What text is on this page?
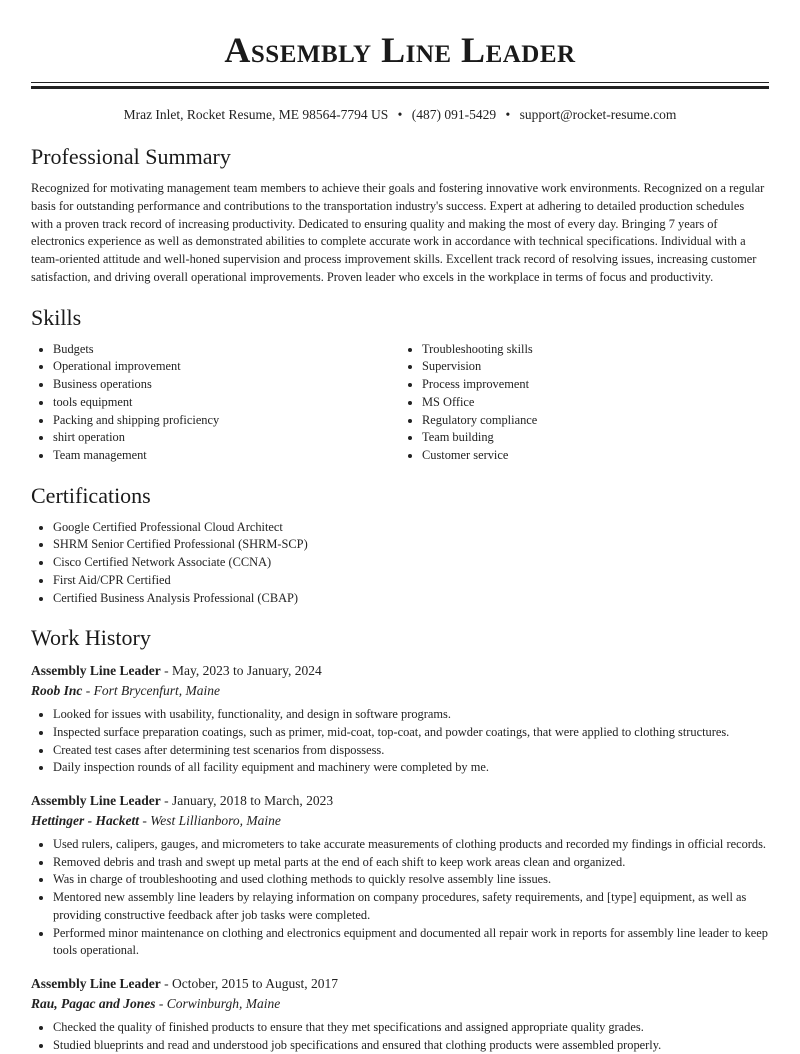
Assembly Line Leader
Mraz Inlet, Rocket Resume, ME 98564-7794 US • (487) 091-5429 • support@rocket-resume.com
Professional Summary

Recognized for motivating management team members to achieve their goals and fostering innovative work environments. Recognized on a regular basis for outstanding performance and contributions to the transportation industry's success. Expert at adhering to detailed production schedules with a proven track record of increasing productivity. Dedicated to ensuring quality and making the most of every day. Bringing 7 years of electronics experience as well as demonstrated abilities to complete accurate work in accordance with technical specifications. Individual with a team-oriented attitude and well-honed supervision and process improvement skills. Excellent track record of resolving issues, increasing customer satisfaction, and driving overall operational improvements. Proven leader who excels in the workplace in terms of focus and productivity.

Skills
• Budgets
• Operational improvement
• Business operations
• tools equipment
• Packing and shipping proficiency
• shirt operation
• Team management
• Troubleshooting skills
• Supervision
• Process improvement
• MS Office
• Regulatory compliance
• Team building
• Customer service
Certifications
• Google Certified Professional Cloud Architect
• SHRM Senior Certified Professional (SHRM-SCP)
• Cisco Certified Network Associate (CCNA)
• First Aid/CPR Certified
• Certified Business Analysis Professional (CBAP)
Work History
Assembly Line Leader - May, 2023 to January, 2024
Roob Inc - Fort Brycenfurt, Maine
• Looked for issues with usability, functionality, and design in software programs.
• Inspected surface preparation coatings, such as primer, mid-coat, top-coat, and powder coatings, that were applied to clothing structures.
• Created test cases after determining test scenarios from dispossess.
• Daily inspection rounds of all facility equipment and machinery were completed by me.
Assembly Line Leader - January, 2018 to March, 2023
Hettinger - Hackett - West Lillianboro, Maine
• Used rulers, calipers, gauges, and micrometers to take accurate measurements of clothing products and recorded my findings in official records.
• Removed debris and trash and swept up metal parts at the end of each shift to keep work areas clean and organized.
• Was in charge of troubleshooting and used clothing methods to quickly resolve assembly line issues.
• Mentored new assembly line leaders by relaying information on company procedures, safety requirements, and [type] equipment, as well as providing constructive feedback after job tasks were completed.
• Performed minor maintenance on clothing and electronics equipment and documented all repair work in reports for assembly line leader to keep tools operational.
Assembly Line Leader - October, 2015 to August, 2017
Rau, Pagac and Jones - Corwinburgh, Maine
• Checked the quality of finished products to ensure that they met specifications and assigned appropriate quality grades.
• Studied blueprints and read and understood job specifications and ensured that clothing products were assembled properly.
